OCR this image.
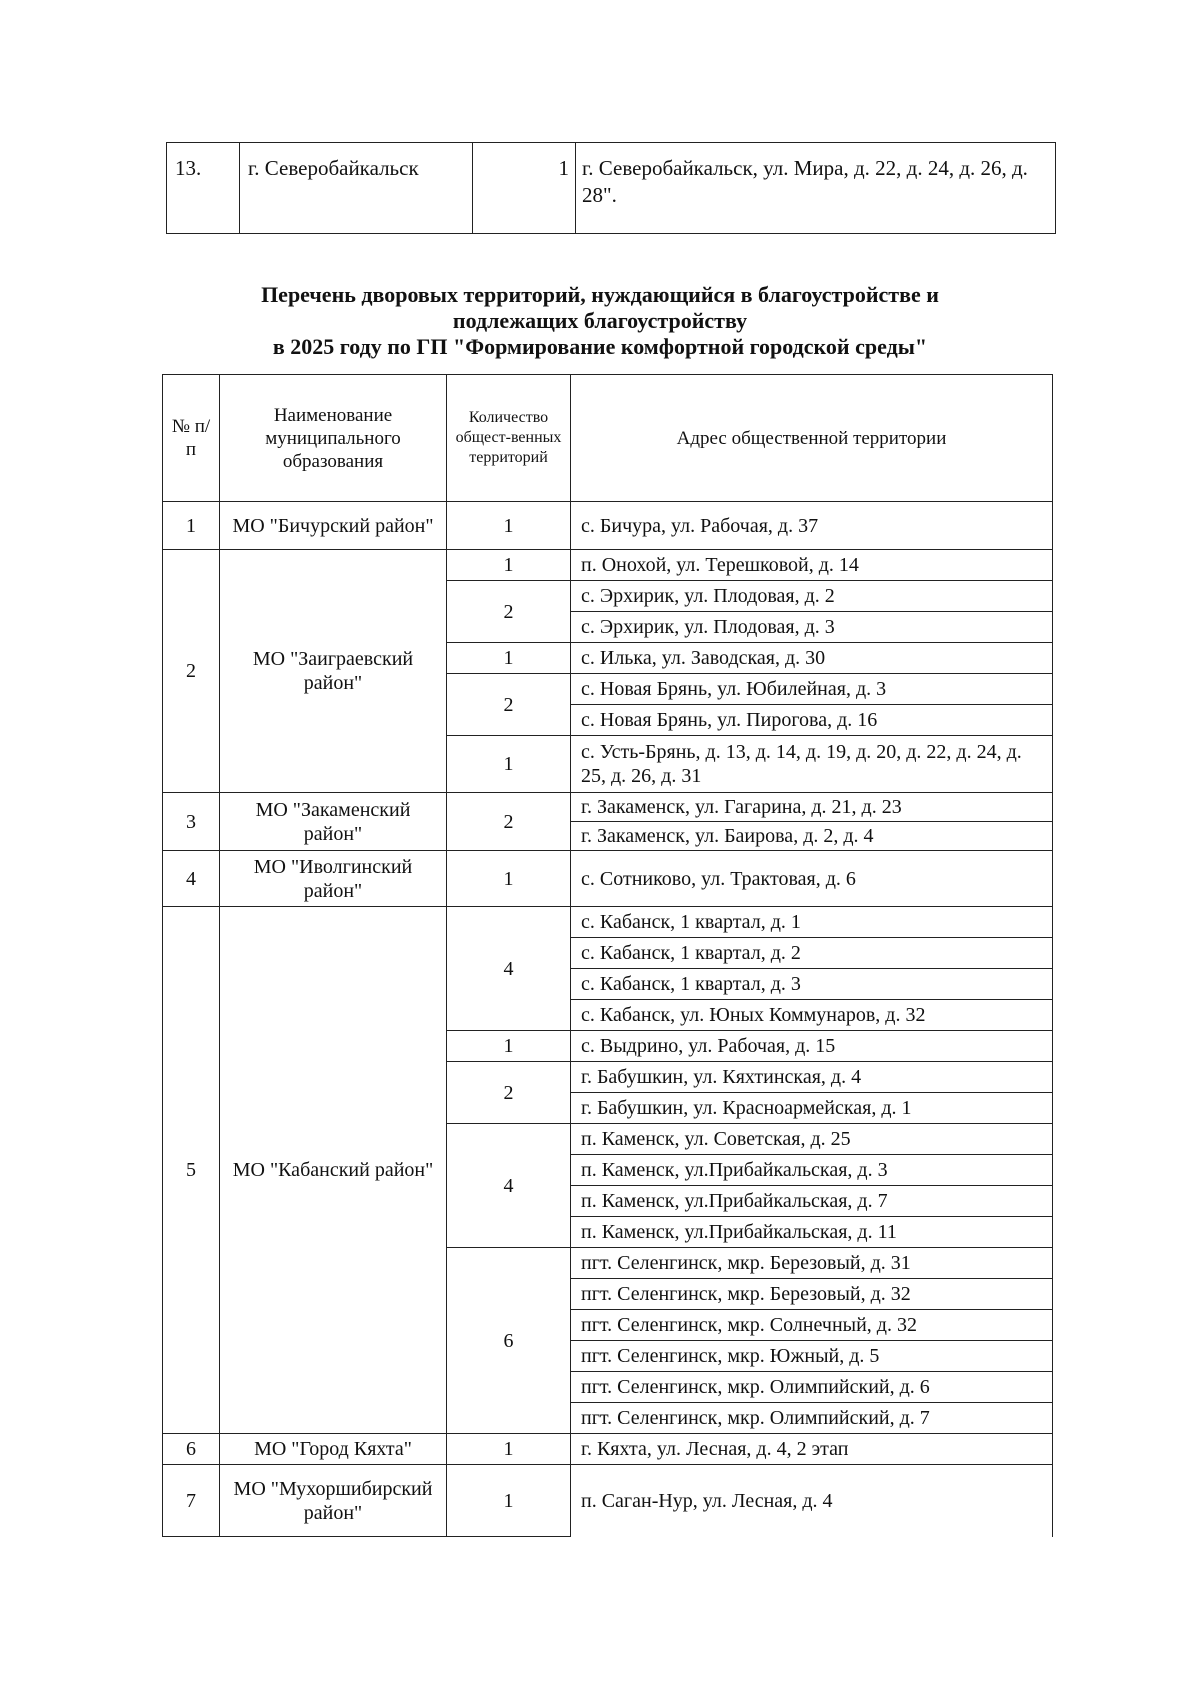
13.	г. Северобайкальск	1	г. Северобайкальск, ул. Мира, д. 22, д. 24, д. 26, д. 28".
Перечень дворовых территорий, нуждающийся в благоустройстве и
подлежащих благоустройству
в 2025 году по ГП "Формирование комфортной городской среды"
№ п/п	Наименование муниципального образования	Количество общест-венных территорий	Адрес общественной территории
1	МО "Бичурский район"	1	с. Бичура, ул. Рабочая, д. 37
2	МО "Заиграевский район"	1	п. Онохой, ул. Терешковой, д. 14
		2	с. Эрхирик, ул. Плодовая, д. 2
			с. Эрхирик, ул. Плодовая, д. 3
		1	с. Илька, ул. Заводская, д. 30
		2	с. Новая Брянь, ул. Юбилейная, д. 3
			с. Новая Брянь, ул. Пирогова, д. 16
		1	с. Усть-Брянь, д. 13, д. 14, д. 19, д. 20, д. 22, д. 24, д. 25, д. 26, д. 31
3	МО "Закаменский район"	2	г. Закаменск, ул. Гагарина, д. 21, д. 23
			г. Закаменск, ул. Баирова, д. 2, д. 4
4	МО "Иволгинский район"	1	с. Сотниково, ул. Трактовая, д. 6
5	МО "Кабанский район"	4	с. Кабанск, 1 квартал, д. 1
			с. Кабанск, 1 квартал, д. 2
			с. Кабанск, 1 квартал, д. 3
			с. Кабанск, ул. Юных Коммунаров, д. 32
		1	с. Выдрино, ул. Рабочая, д. 15
		2	г. Бабушкин, ул. Кяхтинская, д. 4
			г. Бабушкин, ул. Красноармейская, д. 1
		4	п. Каменск, ул. Советская, д. 25
			п. Каменск, ул.Прибайкальская, д. 3
			п. Каменск, ул.Прибайкальская, д. 7
			п. Каменск, ул.Прибайкальская, д. 11
		6	пгт. Селенгинск, мкр. Березовый, д. 31
			пгт. Селенгинск, мкр. Березовый, д. 32
			пгт. Селенгинск, мкр. Солнечный, д. 32
			пгт. Селенгинск, мкр. Южный, д. 5
			пгт. Селенгинск, мкр. Олимпийский, д. 6
			пгт. Селенгинск, мкр. Олимпийский, д. 7
6	МО "Город Кяхта"	1	г. Кяхта, ул. Лесная, д. 4, 2 этап
7	МО "Мухоршибирский район"	1	п. Саган-Нур, ул. Лесная, д. 4
